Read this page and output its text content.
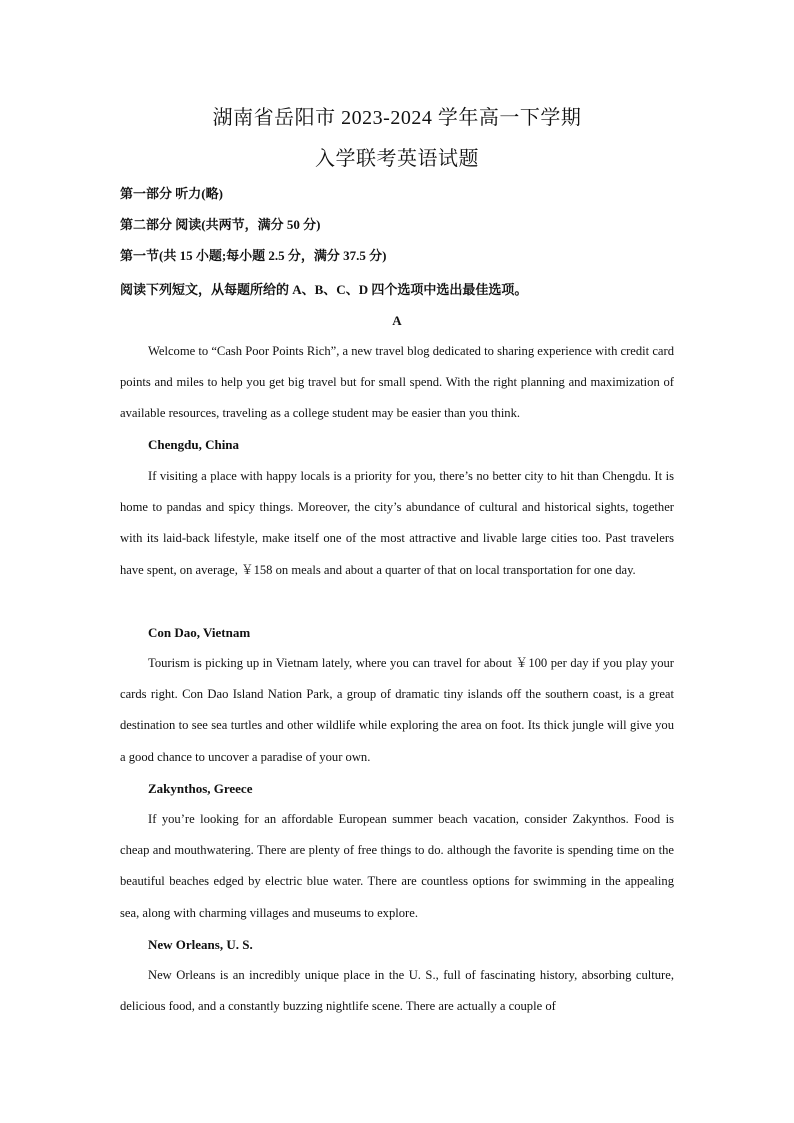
湖南省岳阳市 2023-2024 学年高一下学期
入学联考英语试题

第一部分 听力(略)

第二部分 阅读(共两节，满分 50 分)

第一节(共 15 小题;每小题 2.5 分，满分 37.5 分)

阅读下列短文，从每题所给的 A、B、C、D 四个选项中选出最佳选项。

A

Welcome to “Cash Poor Points Rich”, a new travel blog dedicated to sharing experience with credit card points and miles to help you get big travel but for small spend. With the right planning and maximization of available resources, traveling as a college student may be easier than you think.

Chengdu, China

If visiting a place with happy locals is a priority for you, there’s no better city to hit than Chengdu. It is home to pandas and spicy things. Moreover, the city’s abundance of cultural and historical sights, together with its laid-back lifestyle, make itself one of the most attractive and livable large cities too. Past travelers have spent, on average, ￥158 on meals and about a quarter of that on local transportation for one day.

Con Dao, Vietnam

Tourism is picking up in Vietnam lately, where you can travel for about ￥100 per day if you play your cards right. Con Dao Island Nation Park, a group of dramatic tiny islands off the southern coast, is a great destination to see sea turtles and other wildlife while exploring the area on foot. Its thick jungle will give you a good chance to uncover a paradise of your own.

Zakynthos, Greece

If you’re looking for an affordable European summer beach vacation, consider Zakynthos. Food is cheap and mouthwatering. There are plenty of free things to do. although the favorite is spending time on the beautiful beaches edged by electric blue water. There are countless options for swimming in the appealing sea, along with charming villages and museums to explore.

New Orleans, U. S.

New Orleans is an incredibly unique place in the U. S., full of fascinating history, absorbing culture, delicious food, and a constantly buzzing nightlife scene. There are actually a couple of
